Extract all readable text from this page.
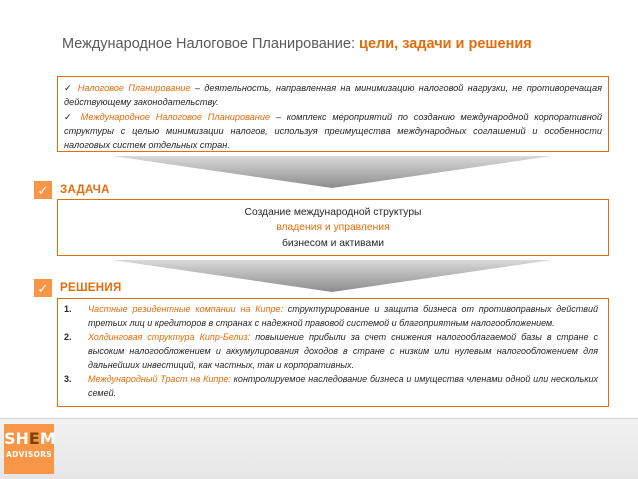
Международное Налоговое Планирование: цели, задачи и решения

✓ Налоговое Планирование – деятельность, направленная на минимизацию налоговой нагрузки, не противоречащая действующему законодательству.

✓ Международное Налоговое Планирование – комплекс мероприятий по созданию международной корпоративной структуры с целью минимизации налогов, используя преимущества международных соглашений и особенности налоговых систем отдельных стран.

✓	ЗАДАЧА
Создание международной структуры
владения и управления
бизнесом и активами
✓	РЕШЕНИЯ
1.	Частные резидентные компании на Кипре: структурирование и защита бизнеса от противоправных действий третьих лиц и кредиторов в странах с надежной правовой системой и благоприятным налогообложением.
2.	Холдинговая структура Кипр-Белиз: повышение прибыли за счет снижения налогооблагаемой базы в стране с высоким налогообложением и аккумулирования доходов в стране с низким или нулевым налогообложением для дальнейших инвестиций, как частных, так и корпоративных.
3.	Международный Траст на Кипре: контролируемое наследование бизнеса и имущества членами одной или нескольких семей.
SHEM
ADVISORS
